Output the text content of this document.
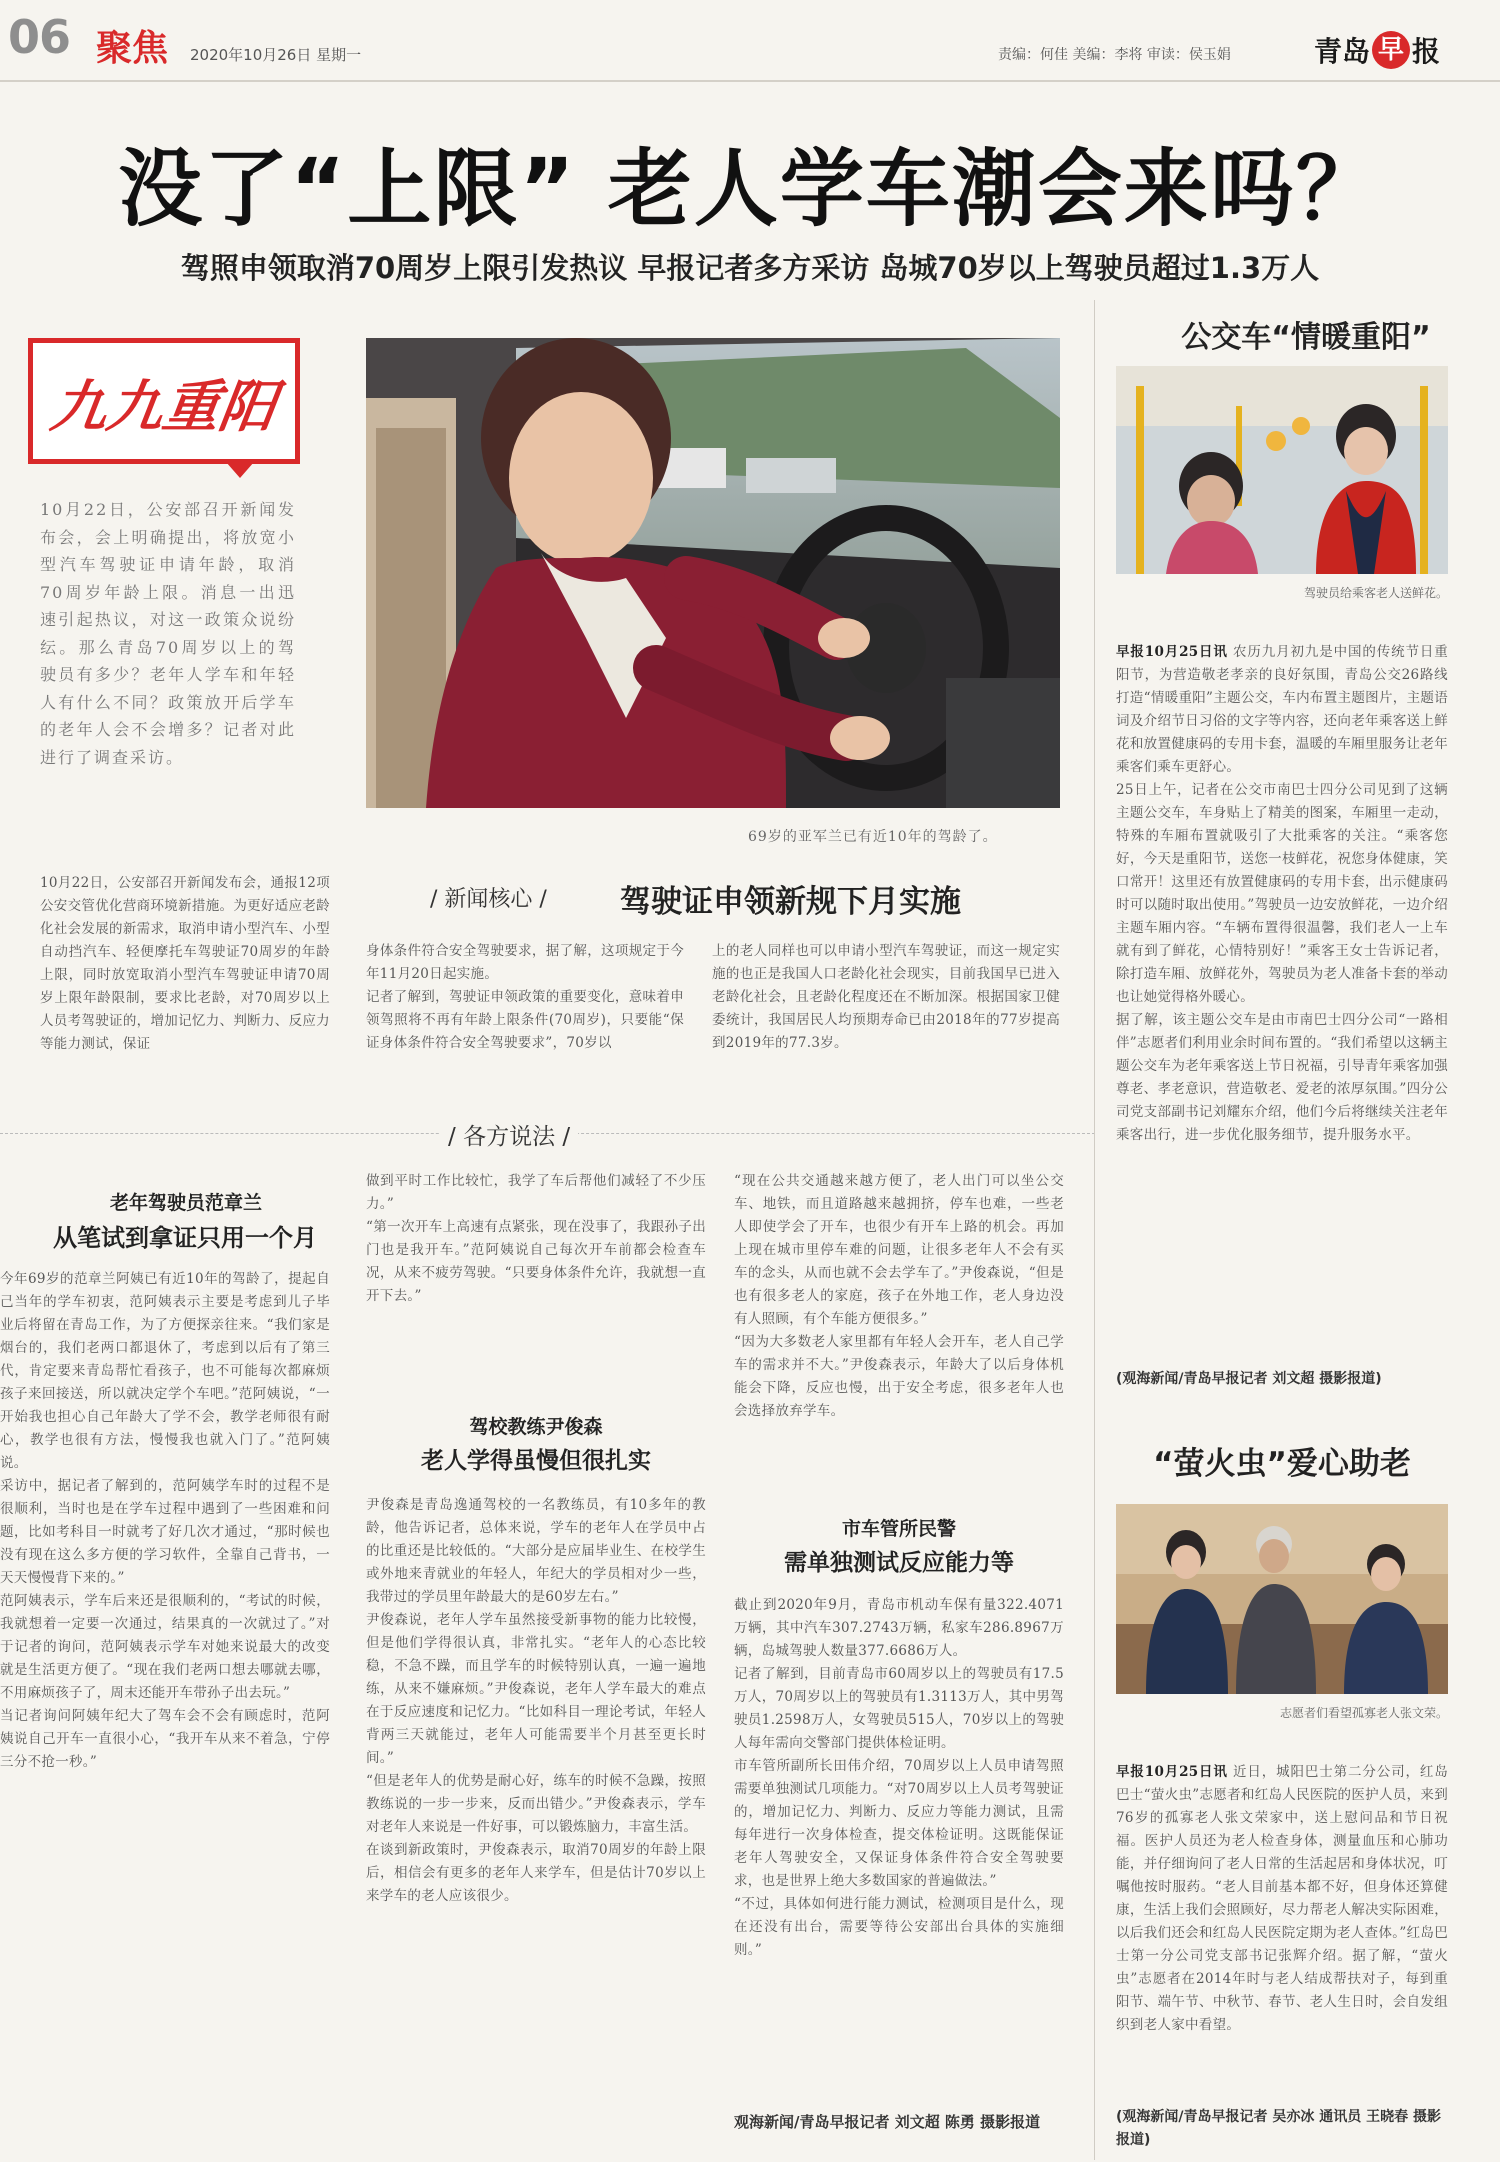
06 聚焦 2020年10月26日 星期一	责编：何佳 美编：李将 审读：侯玉娟	青岛 早 报
没了“上限” 老人学车潮会来吗？
驾照申领取消70周岁上限引发热议 早报记者多方采访 岛城70岁以上驾驶员超过1.3万人
九九重阳
10月22日，公安部召开新闻发布会，会上明确提出，将放宽小型汽车驾驶证申请年龄，取消70周岁年龄上限。消息一出迅速引起热议，对这一政策众说纷纭。那么青岛70周岁以上的驾驶员有多少？老年人学车和年轻人有什么不同？政策放开后学车的老年人会不会增多？记者对此进行了调查采访。
69岁的亚军兰已有近10年的驾龄了。
/ 新闻核心 / 驾驶证申领新规下月实施
10月22日，公安部召开新闻发布会，通报12项公安交管优化营商环境新措施。为更好适应老龄化社会发展的新需求，取消申请小型汽车、小型自动挡汽车、轻便摩托车驾驶证70周岁的年龄上限，同时放宽取消小型汽车驾驶证申请70周岁上限年龄限制，要求比老龄，对70周岁以上人员考驾驶证的，增加记忆力、判断力、反应力等能力测试，保证
身体条件符合安全驾驶要求，据了解，这项规定于今年11月20日起实施。
记者了解到，驾驶证申领政策的重要变化，意味着申领驾照将不再有年龄上限条件(70周岁)，只要能“保证身体条件符合安全驾驶要求”，70岁以
上的老人同样也可以申请小型汽车驾驶证，而这一规定实施的也正是我国人口老龄化社会现实，目前我国早已进入老龄化社会，且老龄化程度还在不断加深。根据国家卫健委统计，我国居民人均预期寿命已由2018年的77岁提高到2019年的77.3岁。
/ 各方说法 /
老年驾驶员范章兰
从笔试到拿证只用一个月
今年69岁的范章兰阿姨已有近10年的驾龄了，提起自己当年的学车初衷，范阿姨表示主要是考虑到儿子毕业后将留在青岛工作，为了方便探亲往来。“我们家是烟台的，我们老两口都退休了，考虑到以后有了第三代，肯定要来青岛帮忙看孩子，也不可能每次都麻烦孩子来回接送，所以就决定学个车吧。”范阿姨说，“一开始我也担心自己年龄大了学不会，教学老师很有耐心，教学也很有方法，慢慢我也就入门了。”范阿姨说。
采访中，据记者了解到的，范阿姨学车时的过程不是很顺利，当时也是在学车过程中遇到了一些困难和问题，比如考科目一时就考了好几次才通过，“那时候也没有现在这么多方便的学习软件，全靠自己背书，一天天慢慢背下来的。”
范阿姨表示，学车后来还是很顺利的，“考试的时候，我就想着一定要一次通过，结果真的一次就过了。”对于记者的询问，范阿姨表示学车对她来说最大的改变就是生活更方便了。“现在我们老两口想去哪就去哪，不用麻烦孩子了，周末还能开车带孙子出去玩。”
当记者询问阿姨年纪大了驾车会不会有顾虑时，范阿姨说自己开车一直很小心，“我开车从来不着急，宁停三分不抢一秒。”
做到平时工作比较忙，我学了车后帮他们减轻了不少压力。”
“第一次开车上高速有点紧张，现在没事了，我跟孙子出门也是我开车。”范阿姨说自己每次开车前都会检查车况，从来不疲劳驾驶。“只要身体条件允许，我就想一直开下去。”
驾校教练尹俊森
老人学得虽慢但很扎实
尹俊森是青岛逸通驾校的一名教练员，有10多年的教龄，他告诉记者，总体来说，学车的老年人在学员中占的比重还是比较低的。“大部分是应届毕业生、在校学生或外地来青就业的年轻人，年纪大的学员相对少一些，我带过的学员里年龄最大的是60岁左右。”
尹俊森说，老年人学车虽然接受新事物的能力比较慢，但是他们学得很认真，非常扎实。“老年人的心态比较稳，不急不躁，而且学车的时候特别认真，一遍一遍地练，从来不嫌麻烦。”尹俊森说，老年人学车最大的难点在于反应速度和记忆力。“比如科目一理论考试，年轻人背两三天就能过，老年人可能需要半个月甚至更长时间。”
“但是老年人的优势是耐心好，练车的时候不急躁，按照教练说的一步一步来，反而出错少。”尹俊森表示，学车对老年人来说是一件好事，可以锻炼脑力，丰富生活。
在谈到新政策时，尹俊森表示，取消70周岁的年龄上限后，相信会有更多的老年人来学车，但是估计70岁以上来学车的老人应该很少。
“现在公共交通越来越方便了，老人出门可以坐公交车、地铁，而且道路越来越拥挤，停车也难，一些老人即使学会了开车，也很少有开车上路的机会。再加上现在城市里停车难的问题，让很多老年人不会有买车的念头，从而也就不会去学车了。”尹俊森说，“但是也有很多老人的家庭，孩子在外地工作，老人身边没有人照顾，有个车能方便很多。”
“因为大多数老人家里都有年轻人会开车，老人自己学车的需求并不大。”尹俊森表示，年龄大了以后身体机能会下降，反应也慢，出于安全考虑，很多老年人也会选择放弃学车。
市车管所民警
需单独测试反应能力等
截止到2020年9月，青岛市机动车保有量322.4071万辆，其中汽车307.2743万辆，私家车286.8967万辆，岛城驾驶人数量377.6686万人。
记者了解到，目前青岛市60周岁以上的驾驶员有17.5万人，70周岁以上的驾驶员有1.3113万人，其中男驾驶员1.2598万人，女驾驶员515人，70岁以上的驾驶人每年需向交警部门提供体检证明。
市车管所副所长田伟介绍，70周岁以上人员申请驾照需要单独测试几项能力。“对70周岁以上人员考驾驶证的，增加记忆力、判断力、反应力等能力测试，且需每年进行一次身体检查，提交体检证明。这既能保证老年人驾驶安全，又保证身体条件符合安全驾驶要求，也是世界上绝大多数国家的普遍做法。”
“不过，具体如何进行能力测试，检测项目是什么，现在还没有出台，需要等待公安部出台具体的实施细则。”
观海新闻/青岛早报记者 刘文超 陈勇 摄影报道
公交车“情暖重阳”
驾驶员给乘客老人送鲜花。

早报10月25日讯 农历九月初九是中国的传统节日重阳节，为营造敬老孝亲的良好氛围，青岛公交26路线打造“情暖重阳”主题公交，车内布置主题图片，主题语词及介绍节日习俗的文字等内容，还向老年乘客送上鲜花和放置健康码的专用卡套，温暖的车厢里服务让老年乘客们乘车更舒心。
25日上午，记者在公交市南巴士四分公司见到了这辆主题公交车，车身贴上了精美的图案，车厢里一走动，特殊的车厢布置就吸引了大批乘客的关注。“乘客您好，今天是重阳节，送您一枝鲜花，祝您身体健康，笑口常开！这里还有放置健康码的专用卡套，出示健康码时可以随时取出使用。”驾驶员一边安放鲜花，一边介绍主题车厢内容。“车辆布置得很温馨，我们老人一上车就有到了鲜花，心情特别好！”乘客王女士告诉记者，除打造车厢、放鲜花外，驾驶员为老人准备卡套的举动也让她觉得格外暖心。
据了解，该主题公交车是由市南巴士四分公司“一路相伴”志愿者们利用业余时间布置的。“我们希望以这辆主题公交车为老年乘客送上节日祝福，引导青年乘客加强尊老、孝老意识，营造敬老、爱老的浓厚氛围。”四分公司党支部副书记刘耀东介绍，他们今后将继续关注老年乘客出行，进一步优化服务细节，提升服务水平。

(观海新闻/青岛早报记者 刘文超 摄影报道)
“萤火虫”爱心助老
志愿者们看望孤寡老人张文荣。

早报10月25日讯 近日，城阳巴士第二分公司，红岛巴士“萤火虫”志愿者和红岛人民医院的医护人员，来到76岁的孤寡老人张文荣家中，送上慰问品和节日祝福。医护人员还为老人检查身体，测量血压和心肺功能，并仔细询问了老人日常的生活起居和身体状况，叮嘱他按时服药。“老人目前基本都不好，但身体还算健康，生活上我们会照顾好，尽力帮老人解决实际困难，以后我们还会和红岛人民医院定期为老人查体。”红岛巴士第一分公司党支部书记张辉介绍。据了解，“萤火虫”志愿者在2014年时与老人结成帮扶对子，每到重阳节、端午节、中秋节、春节、老人生日时，会自发组织到老人家中看望。

(观海新闻/青岛早报记者 吴亦冰 通讯员 王晓春 摄影报道)
